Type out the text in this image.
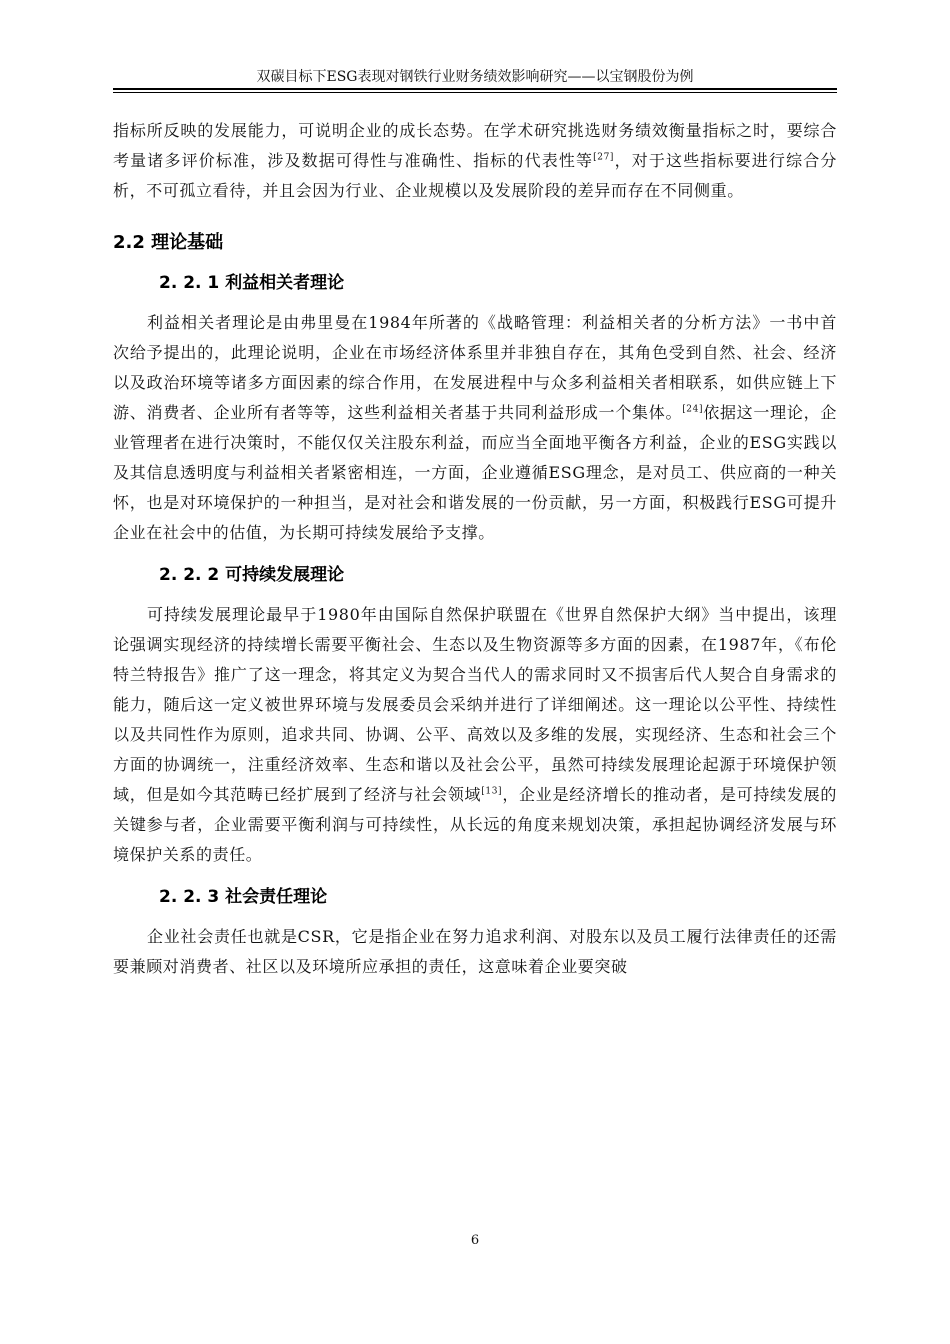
双碳目标下ESG表现对钢铁行业财务绩效影响研究——以宝钢股份为例

指标所反映的发展能力，可说明企业的成长态势。在学术研究挑选财务绩效衡量指标之时，要综合考量诸多评价标准，涉及数据可得性与准确性、指标的代表性等[27]，对于这些指标要进行综合分析，不可孤立看待，并且会因为行业、企业规模以及发展阶段的差异而存在不同侧重。

2.2 理论基础
2. 2. 1 利益相关者理论

利益相关者理论是由弗里曼在1984年所著的《战略管理：利益相关者的分析方法》一书中首次给予提出的，此理论说明，企业在市场经济体系里并非独自存在，其角色受到自然、社会、经济以及政治环境等诸多方面因素的综合作用，在发展进程中与众多利益相关者相联系，如供应链上下游、消费者、企业所有者等等，这些利益相关者基于共同利益形成一个集体。[24]依据这一理论，企业管理者在进行决策时，不能仅仅关注股东利益，而应当全面地平衡各方利益，企业的ESG实践以及其信息透明度与利益相关者紧密相连，一方面，企业遵循ESG理念，是对员工、供应商的一种关怀，也是对环境保护的一种担当，是对社会和谐发展的一份贡献，另一方面，积极践行ESG可提升企业在社会中的估值，为长期可持续发展给予支撑。

2. 2. 2 可持续发展理论

可持续发展理论最早于1980年由国际自然保护联盟在《世界自然保护大纲》当中提出，该理论强调实现经济的持续增长需要平衡社会、生态以及生物资源等多方面的因素，在1987年，《布伦特兰特报告》推广了这一理念，将其定义为契合当代人的需求同时又不损害后代人契合自身需求的能力，随后这一定义被世界环境与发展委员会采纳并进行了详细阐述。这一理论以公平性、持续性以及共同性作为原则，追求共同、协调、公平、高效以及多维的发展，实现经济、生态和社会三个方面的协调统一，注重经济效率、生态和谐以及社会公平，虽然可持续发展理论起源于环境保护领域，但是如今其范畴已经扩展到了经济与社会领域[13]，企业是经济增长的推动者，是可持续发展的关键参与者，企业需要平衡利润与可持续性，从长远的角度来规划决策，承担起协调经济发展与环境保护关系的责任。

2. 2. 3 社会责任理论

企业社会责任也就是CSR，它是指企业在努力追求利润、对股东以及员工履行法律责任的还需要兼顾对消费者、社区以及环境所应承担的责任，这意味着企业要突破

6
